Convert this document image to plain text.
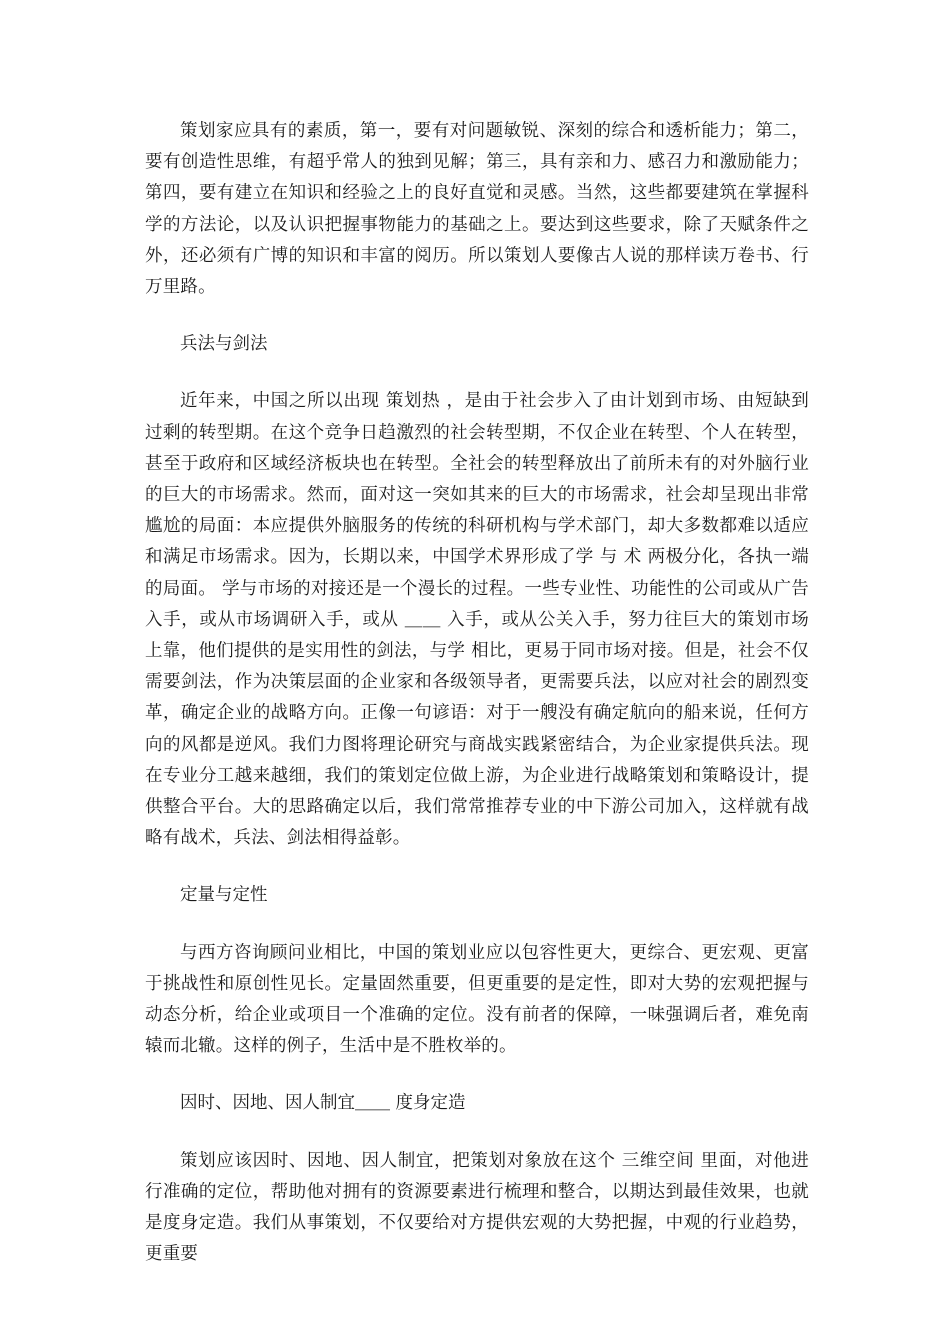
策划家应具有的素质，第一，要有对问题敏锐、深刻的综合和透析能力；第二，要有创造性思维，有超乎常人的独到见解；第三，具有亲和力、感召力和激励能力；第四，要有建立在知识和经验之上的良好直觉和灵感。当然，这些都要建筑在掌握科学的方法论，以及认识把握事物能力的基础之上。要达到这些要求，除了天赋条件之外，还必须有广博的知识和丰富的阅历。所以策划人要像古人说的那样读万卷书、行万里路。

兵法与剑法

近年来，中国之所以出现 策划热 ，是由于社会步入了由计划到市场、由短缺到过剩的转型期。在这个竞争日趋激烈的社会转型期，不仅企业在转型、个人在转型，甚至于政府和区域经济板块也在转型。全社会的转型释放出了前所未有的对外脑行业的巨大的市场需求。然而，面对这一突如其来的巨大的市场需求，社会却呈现出非常尴尬的局面：本应提供外脑服务的传统的科研机构与学术部门，却大多数都难以适应和满足市场需求。因为，长期以来，中国学术界形成了学 与 术 两极分化，各执一端的局面。 学与市场的对接还是一个漫长的过程。一些专业性、功能性的公司或从广告入手，或从市场调研入手，或从 ＿＿ 入手，或从公关入手，努力往巨大的策划市场上靠，他们提供的是实用性的剑法，与学 相比，更易于同市场对接。但是，社会不仅需要剑法，作为决策层面的企业家和各级领导者，更需要兵法，以应对社会的剧烈变革，确定企业的战略方向。正像一句谚语：对于一艘没有确定航向的船来说，任何方向的风都是逆风。我们力图将理论研究与商战实践紧密结合，为企业家提供兵法。现在专业分工越来越细，我们的策划定位做上游，为企业进行战略策划和策略设计，提供整合平台。大的思路确定以后，我们常常推荐专业的中下游公司加入，这样就有战略有战术，兵法、剑法相得益彰。

定量与定性

与西方咨询顾问业相比，中国的策划业应以包容性更大，更综合、更宏观、更富于挑战性和原创性见长。定量固然重要，但更重要的是定性，即对大势的宏观把握与动态分析，给企业或项目一个准确的定位。没有前者的保障，一味强调后者，难免南辕而北辙。这样的例子，生活中是不胜枚举的。

因时、因地、因人制宜＿＿ 度身定造

策划应该因时、因地、因人制宜，把策划对象放在这个 三维空间 里面，对他进行准确的定位，帮助他对拥有的资源要素进行梳理和整合，以期达到最佳效果，也就是度身定造。我们从事策划，不仅要给对方提供宏观的大势把握，中观的行业趋势，更重要
